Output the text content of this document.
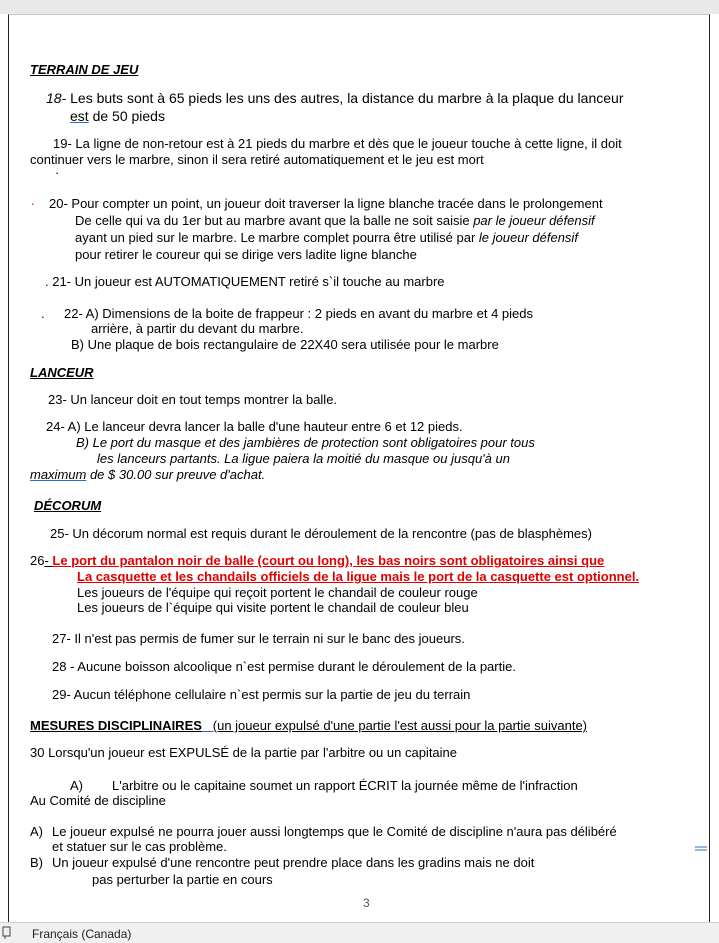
TERRAIN DE JEU
18- Les buts sont à 65 pieds les uns des autres, la distance du marbre à la plaque du lanceur
est de 50 pieds
19- La ligne de non-retour est à 21 pieds du marbre et dès que le joueur touche à cette ligne, il doit
continuer vers le marbre, sinon il sera retiré automatiquement et le jeu est mort
·
. 20- Pour compter un point, un joueur doit traverser la ligne blanche tracée dans le prolongement
De celle qui va du 1er but au marbre avant que la balle ne soit saisie par le joueur défensif
ayant un pied sur le marbre. Le marbre complet pourra être utilisé par le joueur défensif
pour retirer le coureur qui se dirige vers ladite ligne blanche
. 21- Un joueur est AUTOMATIQUEMENT retiré s`il touche au marbre
. 22- A) Dimensions de la boite de frappeur : 2 pieds en avant du marbre et 4 pieds
arrière, à partir du devant du marbre.
B) Une plaque de bois rectangulaire de 22X40 sera utilisée pour le marbre
LANCEUR
23- Un lanceur doit en tout temps montrer la balle.
24- A) Le lanceur devra lancer la balle d'une hauteur entre 6 et 12 pieds.
B) Le port du masque et des jambières de protection sont obligatoires pour tous
les lanceurs partants. La ligue paiera la moitié du masque ou jusqu'à un
maximum de $ 30.00 sur preuve d'achat.
DÉCORUM
25- Un décorum normal est requis durant le déroulement de la rencontre (pas de blasphèmes)
26- Le port du pantalon noir de balle (court ou long), les bas noirs sont obligatoires ainsi que
La casquette et les chandails officiels de la ligue mais le port de la casquette est optionnel.
Les joueurs de l'équipe qui reçoit portent le chandail de couleur rouge
Les joueurs de l`équipe qui visite portent le chandail de couleur bleu
27- Il n'est pas permis de fumer sur le terrain ni sur le banc des joueurs.
28 - Aucune boisson alcoolique n`est permise durant le déroulement de la partie.
29- Aucun téléphone cellulaire n`est permis sur la partie de jeu du terrain
MESURES DISCIPLINAIRES (un joueur expulsé d'une partie l'est aussi pour la partie suivante)
30 Lorsqu'un joueur est EXPULSÉ de la partie par l'arbitre ou un capitaine
A) L'arbitre ou le capitaine soumet un rapport ÉCRIT la journée même de l'infraction
Au Comité de discipline
A) Le joueur expulsé ne pourra jouer aussi longtemps que le Comité de discipline n'aura pas délibéré
et statuer sur le cas problème.
B) Un joueur expulsé d'une rencontre peut prendre place dans les gradins mais ne doit
pas perturber la partie en cours
3
Français (Canada)
